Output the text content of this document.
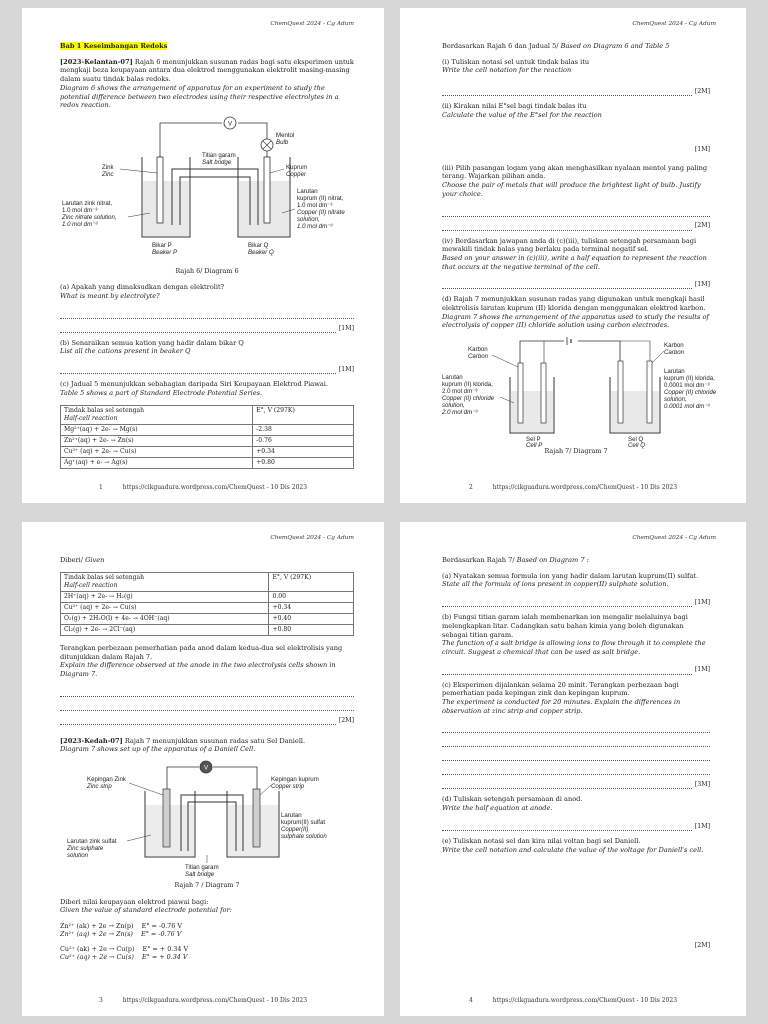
ChemQuest 2024 - Cg Adum

Bab 1 Keseimbangan Redoks

[2023-Kelantan-07] Rajah 6 menunjukkan susunan radas bagi satu eksperimen untuk mengkaji beza keupayaan antara dua elektrod menggunakan elektrolit masing-masing dalam suatu tindak balas redoks.
Diagram 6 shows the arrangement of apparatus for an experiment to study the potential difference between two electrodes using their respective electrolytes in a redox reaction.

V
Titian garam
Salt bridge
Mentol
Bulb
Zink
Zinc
Kuprum
Copper
Larutan zink nitrat,
1.0 mol dm⁻³
Zinc nitrate solution,
1.0 mol dm⁻³
Larutan
kuprum (II) nitrat,
1.0 mol dm⁻³
Copper (II) nitrate
solution,
1.0 mol dm⁻³
Bikar P
Beaker P
Bikar Q
Beaker Q
Rajah 6/ Diagram 6

(a) Apakah yang dimaksudkan dengan elektrolit?
What is meant by electrolyte?

[1M]

(b) Senaraikan semua kation yang hadir dalam bikar Q
List all the cations present in beaker Q

[1M]

(c) Jadual 5 menunjukkan sebahagian daripada Siri Keupayaan Elektrod Piawai.
Table 5 shows a part of Standard Electrode Potential Series.

Tindak balas sel setengah
Half-cell reaction	E°, V (297K)
Mg²⁺(aq) + 2e- → Mg(s)	-2.38
Zn²⁺(aq) + 2e- → Zn(s)	-0.76
Cu²⁺ (aq) + 2e- → Cu(s)	+0.34
Ag⁺(aq) + e- → Ag(s)	+0.80
1	https://cikguadura.wordpress.com/ChemQuest - 10 Dis 2023
ChemQuest 2024 - Cg Adum

Berdasarkan Rajah 6 dan Jadual 5/ Based on Diagram 6 and Table 5

(i) Tuliskan notasi sel untuk tindak balas itu
Write the cell notation for the reaction

[2M]

(ii) Kirakan nilai E°sel bagi tindak balas itu
Calculate the value of the E°sel for the reaction

[1M]

(iii) Pilih pasangan logam yang akan menghasilkan nyalaan mentol yang paling terang. Wajarkan pilihan anda.
Choose the pair of metals that will produce the brightest light of bulb. Justify your choice.

[2M]

(iv) Berdasarkan jawapan anda di (c)(iii), tuliskan setengah persamaan bagi mewakili tindak balas yang berlaku pada terminal negatif sel.
Based on your answer in (c)(iii), write a half equation to represent the reaction that occurs at the negative terminal of the cell.

[1M]

(d) Rajah 7 menunjukkan susunan radas yang digunakan untuk mengkaji hasil elektrolisis larutan kuprum (II) klorida dengan menggunakan elektrod karbon.
Diagram 7 shows the arrangement of the apparatus used to study the results of electrolysis of copper (II) chloride solution using carbon electrodes.

Karbon
Carbon
Karbon
Carbon
Larutan
kuprum (II) klorida,
2.0 mol dm⁻³
Copper (II) chloride
solution,
2.0 mol dm⁻³
Larutan
kuprum (II) klorida,
0.0001 mol dm⁻³
Copper (II) chloride
solution,
0.0001 mol dm⁻³
Sel P
Cell P
Sel Q
Cell Q
Rajah 7/ Diagram 7
2	https://cikguadura.wordpress.com/ChemQuest - 10 Dis 2023
ChemQuest 2024 - Cg Adum

Diberi/ Given

Tindak balas sel setengah
Half-cell reaction	E°, V (297K)
2H⁺(aq) + 2e- → H₂(g)	0.00
Cu²⁺ (aq) + 2e- → Cu(s)	+0.34
O₂(g) + 2H₂O(l) + 4e- → 4OH⁻(aq)	+0.40
Cl₂(g) + 2e- → 2Cl⁻(aq)	+0.80

Terangkan perbezaan pemerhatian pada anod dalam kedua-dua sel elektrolisis yang ditunjukkan dalam Rajah 7.
Explain the difference observed at the anode in the two electrolysis cells shown in Diagram 7.

[2M]

[2023-Kedah-07] Rajah 7 menunjukkan susunan radas satu Sel Daniell.
Diagram 7 shows set up of the apparatus of a Daniell Cell.

V
Kepingan Zink
Zinc strip
Kepingan kuprum
Copper strip
Larutan zink sulfat
Zinc sulphate
solution
Larutan
kuprum(II) sulfat
Copper(II)
sulphate solution
Titian garam
Salt bridge
Rajah 7 / Diagram 7

Diberi nilai keupayaan elektrod piawai bagi:
Given the value of standard electrode potential for:

Zn²⁺ (ak) + 2e → Zn(p)    E° = -0.76 V
Zn²⁺ (aq) + 2e → Zn(s)    E° = -0.76 V
Cu²⁺ (ak) + 2e → Cu(p)    E° = + 0.34 V
Cu²⁺ (aq) + 2e → Cu(s)    E° = + 0.34 V
3	https://cikguadura.wordpress.com/ChemQuest - 10 Dis 2023
ChemQuest 2024 - Cg Adum

Berdasarkan Rajah 7/ Based on Diagram 7 :

(a) Nyatakan semua formula ion yang hadir dalam larutan kuprum(II) sulfat.
State all the formula of ions present in copper(II) sulphate solution.

[1M]

(b) Fungsi titian garam ialah membenarkan ion mengalir melaluinya bagi melengkapkan litar. Cadangkan satu bahan kimia yang boleh digunakan sebagai titian garam.
The function of a salt bridge is allowing ions to flow through it to complete the circuit. Suggest a chemical that can be used as salt bridge.

[1M]

(c) Eksperimen dijalankan selama 20 minit. Terangkan perbezaan bagi pemerhatian pada kepingan zink dan kepingan kuprum.
The experiment is conducted for 20 minutes. Explain the differences in observation at zinc strip and copper strip.

[3M]

(d) Tuliskan setengah persamaan di anod.
Write the half equation at anode.

[1M]

(e) Tuliskan notasi sel dan kira nilai voltan bagi sel Daniell.
Write the cell notation and calculate the value of the voltage for Daniell's cell.

[2M]
4	https://cikguadura.wordpress.com/ChemQuest - 10 Dis 2023
